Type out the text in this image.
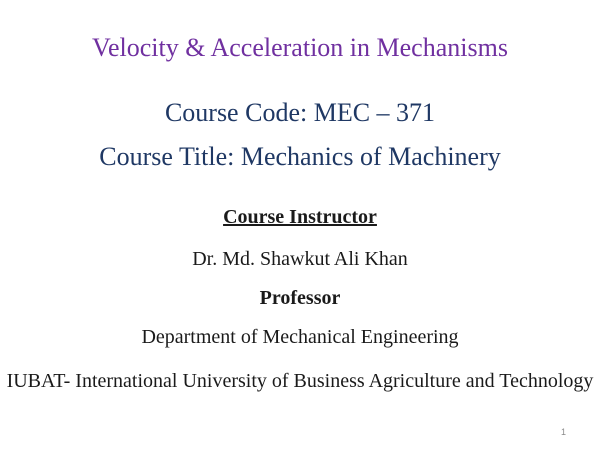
Velocity & Acceleration in Mechanisms
Course Code: MEC – 371
Course Title: Mechanics of Machinery
Course Instructor
Dr. Md. Shawkut Ali Khan
Professor
Department of Mechanical Engineering
IUBAT- International University of Business Agriculture and Technology
1
